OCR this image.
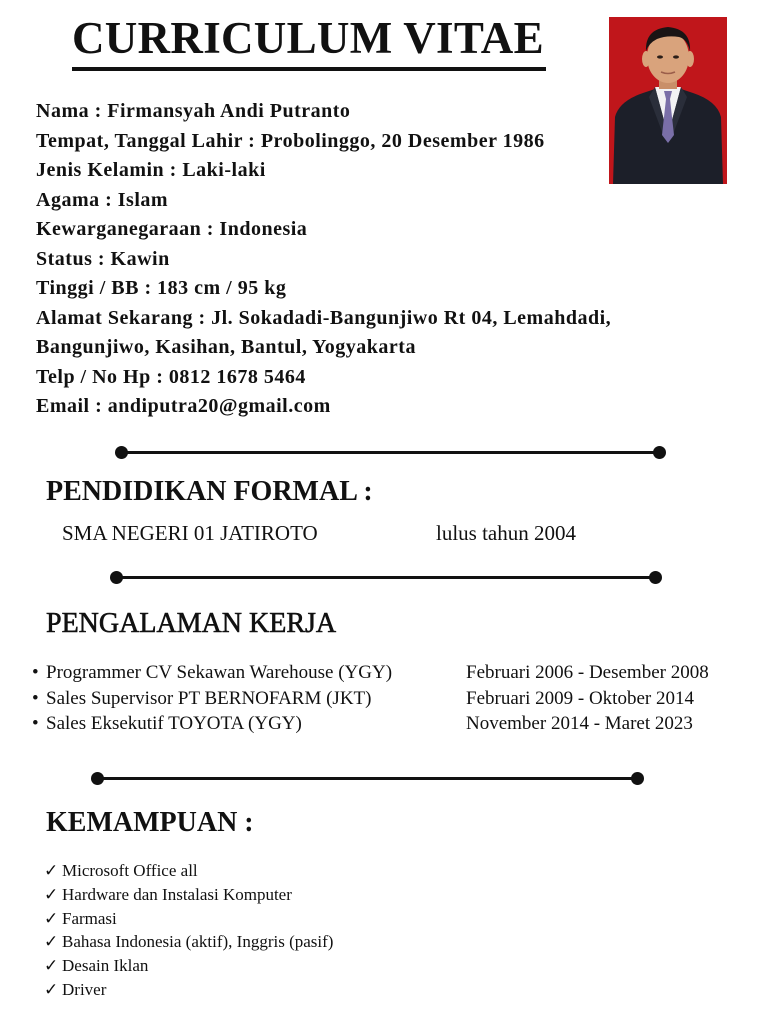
CURRICULUM VITAE
Nama : Firmansyah Andi Putranto
Tempat, Tanggal Lahir : Probolinggo, 20 Desember 1986
Jenis Kelamin : Laki-laki
Agama : Islam
Kewarganegaraan : Indonesia
Status : Kawin
Tinggi / BB : 183 cm / 95 kg
Alamat Sekarang : Jl. Sokadadi-Bangunjiwo Rt 04, Lemahdadi,
Bangunjiwo, Kasihan, Bantul, Yogyakarta
Telp / No Hp : 0812 1678 5464
Email : andiputra20@gmail.com
PENDIDIKAN FORMAL :
SMA NEGERI 01 JATIROTO	lulus tahun 2004
PENGALAMAN KERJA
• Programmer CV Sekawan Warehouse (YGY)	Februari 2006 - Desember 2008
• Sales Supervisor PT BERNOFARM (JKT)	Februari 2009 - Oktober 2014
• Sales Eksekutif TOYOTA (YGY)	November 2014 - Maret 2023
KEMAMPUAN :
✓ Microsoft Office all
✓ Hardware dan Instalasi Komputer
✓ Farmasi
✓ Bahasa Indonesia (aktif), Inggris (pasif)
✓ Desain Iklan
✓ Driver
